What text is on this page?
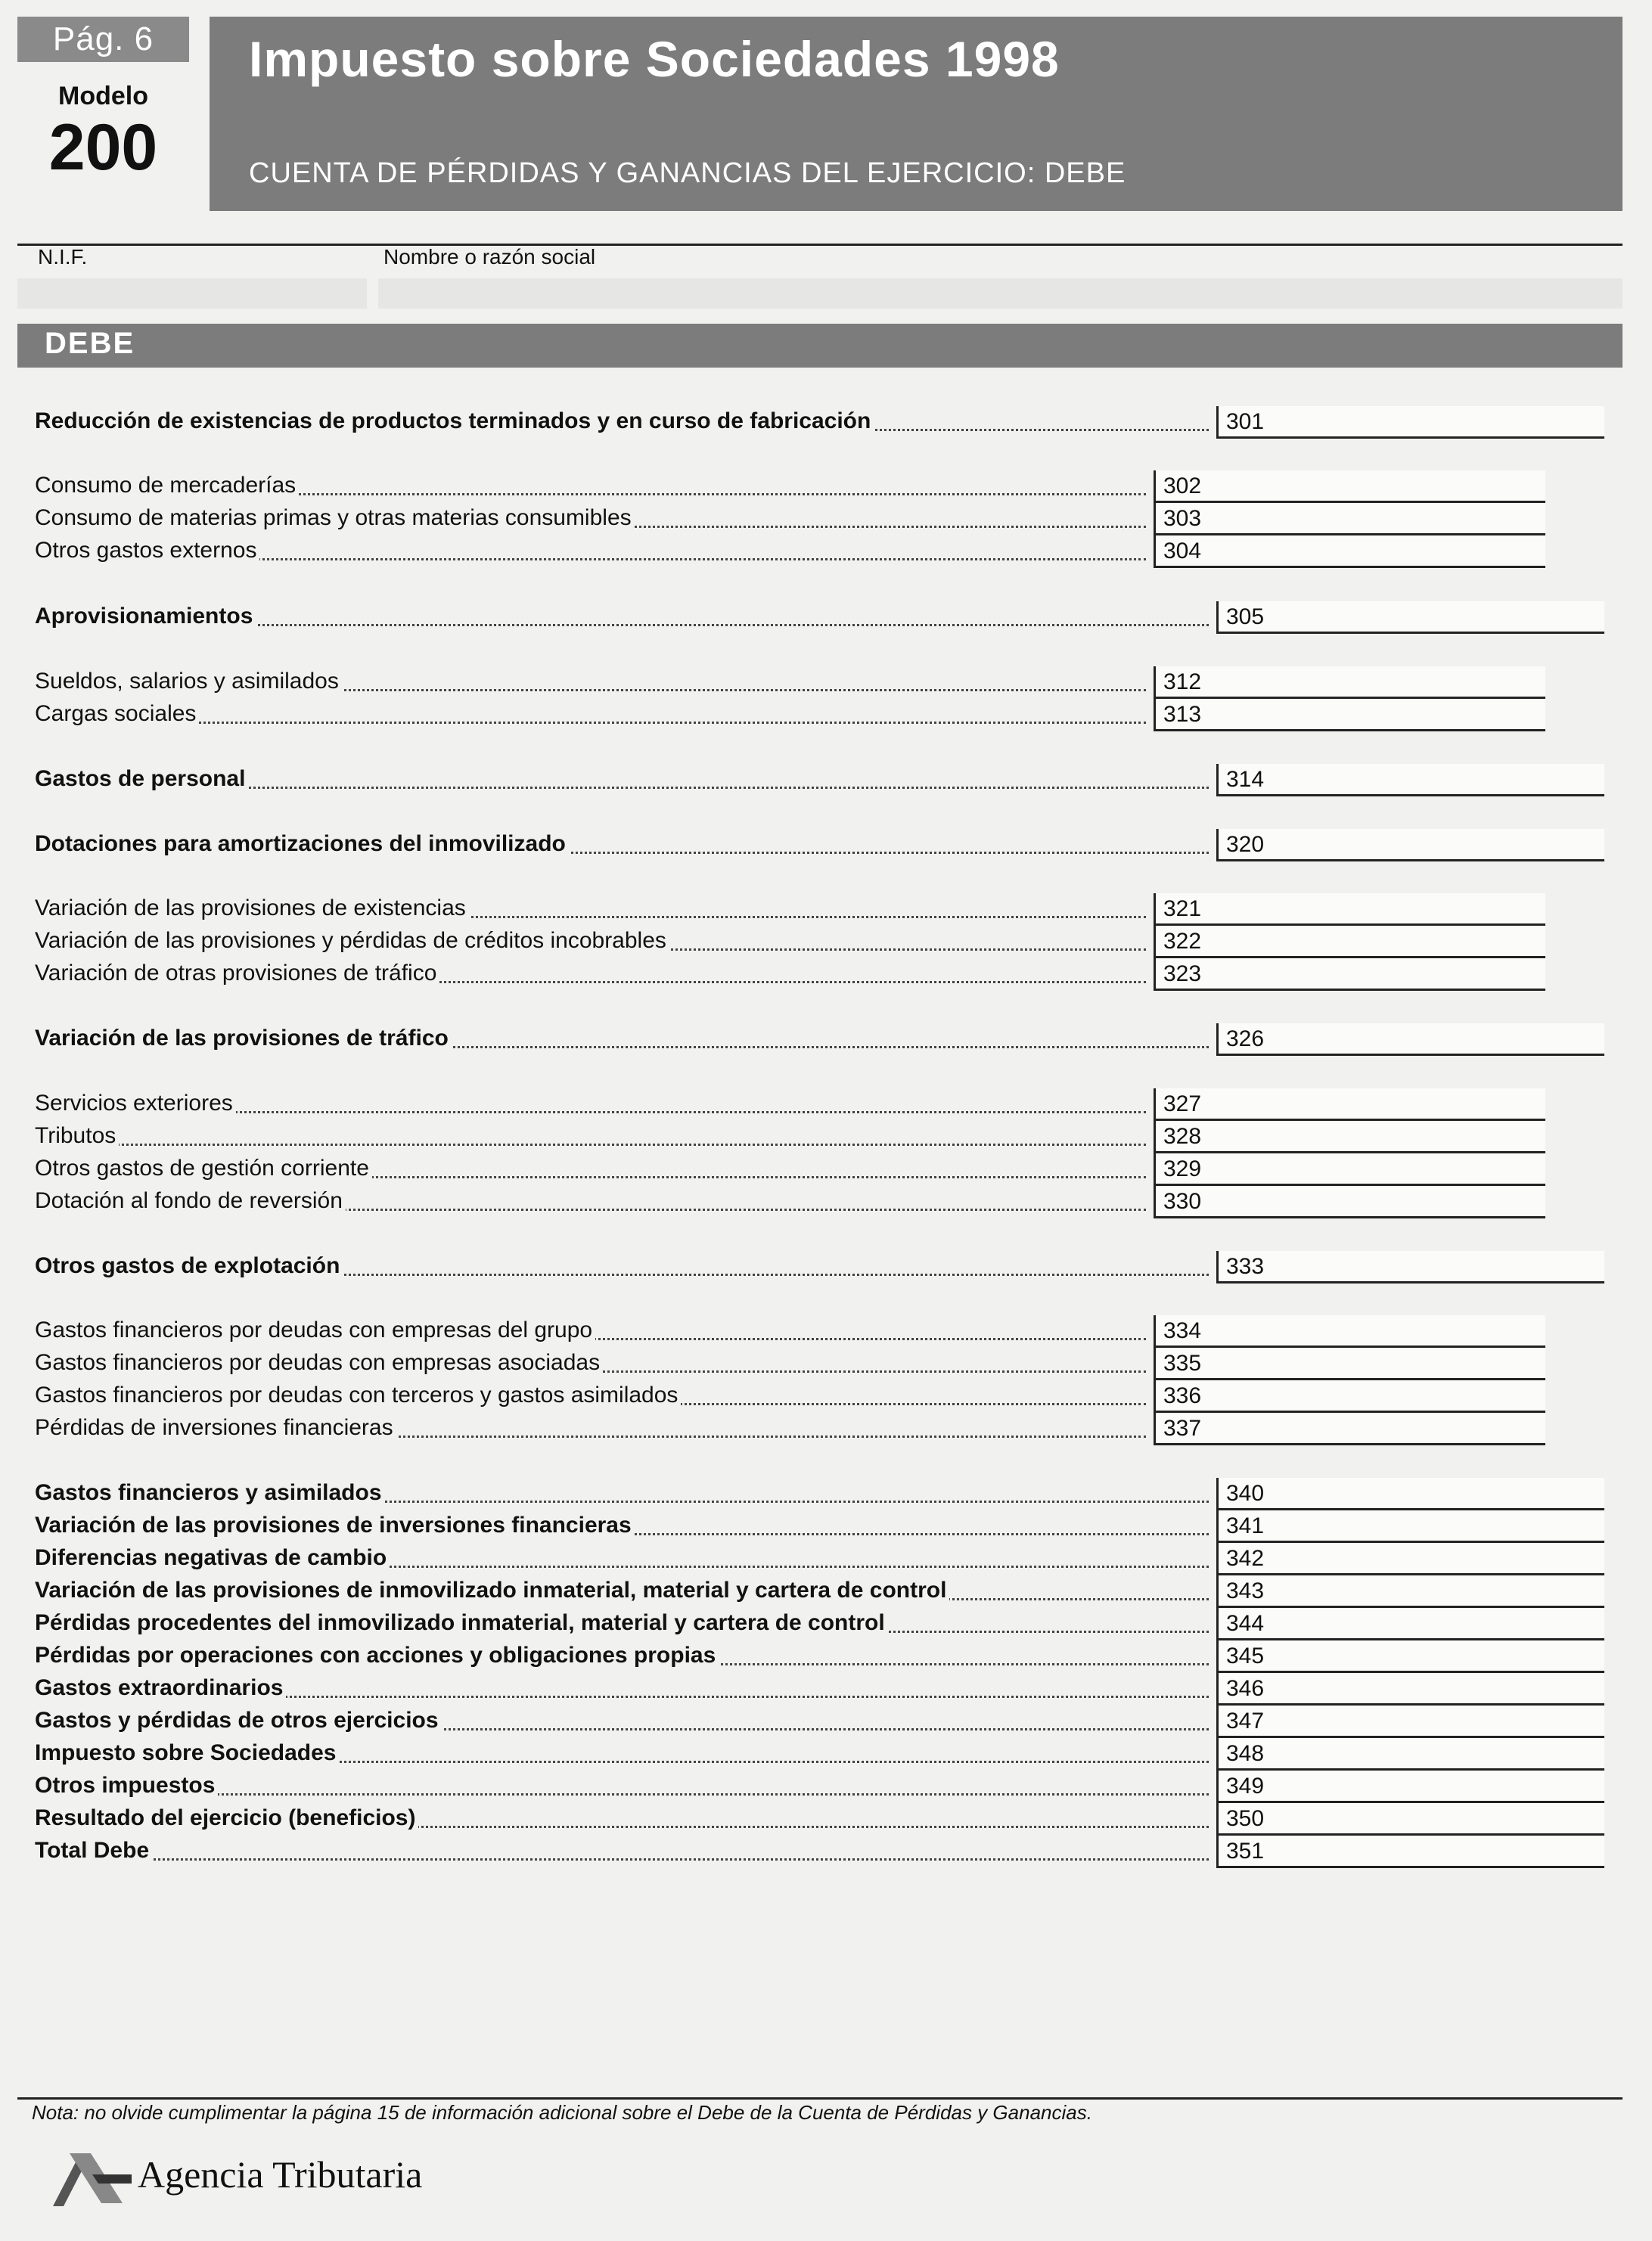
Pág. 6
Modelo
200
Impuesto sobre Sociedades 1998
CUENTA DE PÉRDIDAS Y GANANCIAS DEL EJERCICIO: DEBE
N.I.F.	Nombre o razón social
DEBE
Reducción de existencias de productos terminados y en curso de fabricación	301
Consumo de mercaderías	302
Consumo de materias primas y otras materias consumibles	303
Otros gastos externos	304
Aprovisionamientos	305
Sueldos, salarios y asimilados	312
Cargas sociales	313
Gastos de personal	314
Dotaciones para amortizaciones del inmovilizado	320
Variación de las provisiones de existencias	321
Variación de las provisiones y pérdidas de créditos incobrables	322
Variación de otras provisiones de tráfico	323
Variación de las provisiones de tráfico	326
Servicios exteriores	327
Tributos	328
Otros gastos de gestión corriente	329
Dotación al fondo de reversión	330
Otros gastos de explotación	333
Gastos financieros por deudas con empresas del grupo	334
Gastos financieros por deudas con empresas asociadas	335
Gastos financieros por deudas con terceros y gastos asimilados	336
Pérdidas de inversiones financieras	337
Gastos financieros y asimilados	340
Variación de las provisiones de inversiones financieras	341
Diferencias negativas de cambio	342
Variación de las provisiones de inmovilizado inmaterial, material y cartera de control	343
Pérdidas procedentes del inmovilizado inmaterial, material y cartera de control	344
Pérdidas por operaciones con acciones y obligaciones propias	345
Gastos extraordinarios	346
Gastos y pérdidas de otros ejercicios	347
Impuesto sobre Sociedades	348
Otros impuestos	349
Resultado del ejercicio (beneficios)	350
Total Debe	351
Nota: no olvide cumplimentar la página 15 de información adicional sobre el Debe de la Cuenta de Pérdidas y Ganancias.
Agencia Tributaria
